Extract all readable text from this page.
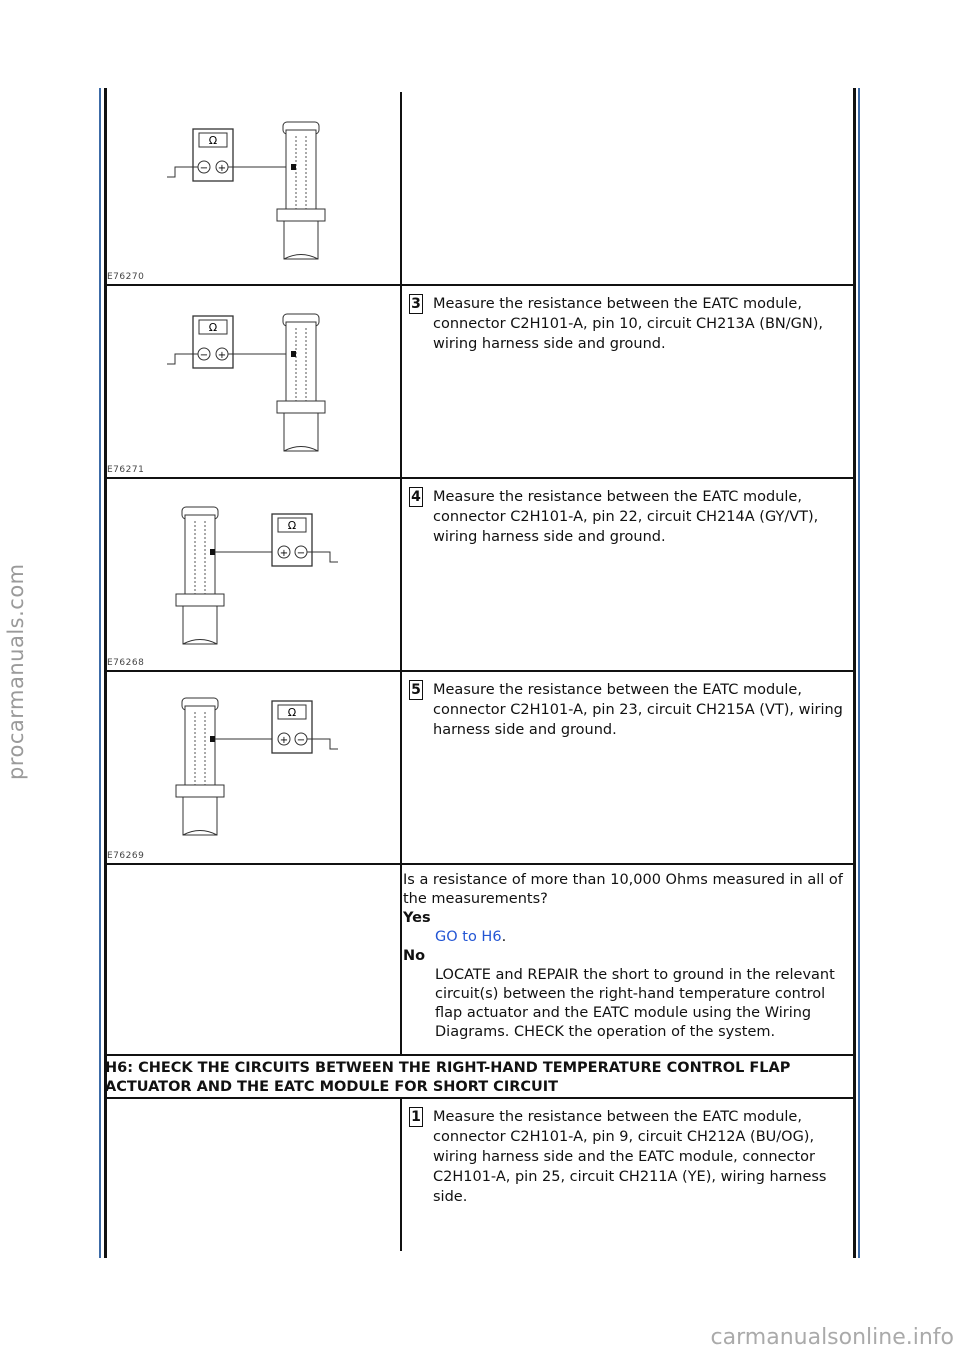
procarmanuals.com
carmanualsonline.info
Ω
− +
E76270
Ω
− +
E76271
3 Measure the resistance between the EATC module, connector C2H101-A, pin 10, circuit CH213A (BN/GN), wiring harness side and ground.
Ω
+ −
E76268
4 Measure the resistance between the EATC module, connector C2H101-A, pin 22, circuit CH214A (GY/VT), wiring harness side and ground.
Ω
+ −
E76269
5 Measure the resistance between the EATC module, connector C2H101-A, pin 23, circuit CH215A (VT), wiring harness side and ground.
Is a resistance of more than 10,000 Ohms measured in all of the measurements?
Yes
GO to H6.
No
LOCATE and REPAIR the short to ground in the relevant circuit(s) between the right-hand temperature control flap actuator and the EATC module using the Wiring Diagrams. CHECK the operation of the system.
H6: CHECK THE CIRCUITS BETWEEN THE RIGHT-HAND TEMPERATURE CONTROL FLAP ACTUATOR AND THE EATC MODULE FOR SHORT CIRCUIT
1 Measure the resistance between the EATC module, connector C2H101-A, pin 9, circuit CH212A (BU/OG), wiring harness side and the EATC module, connector C2H101-A, pin 25, circuit CH211A (YE), wiring harness side.
